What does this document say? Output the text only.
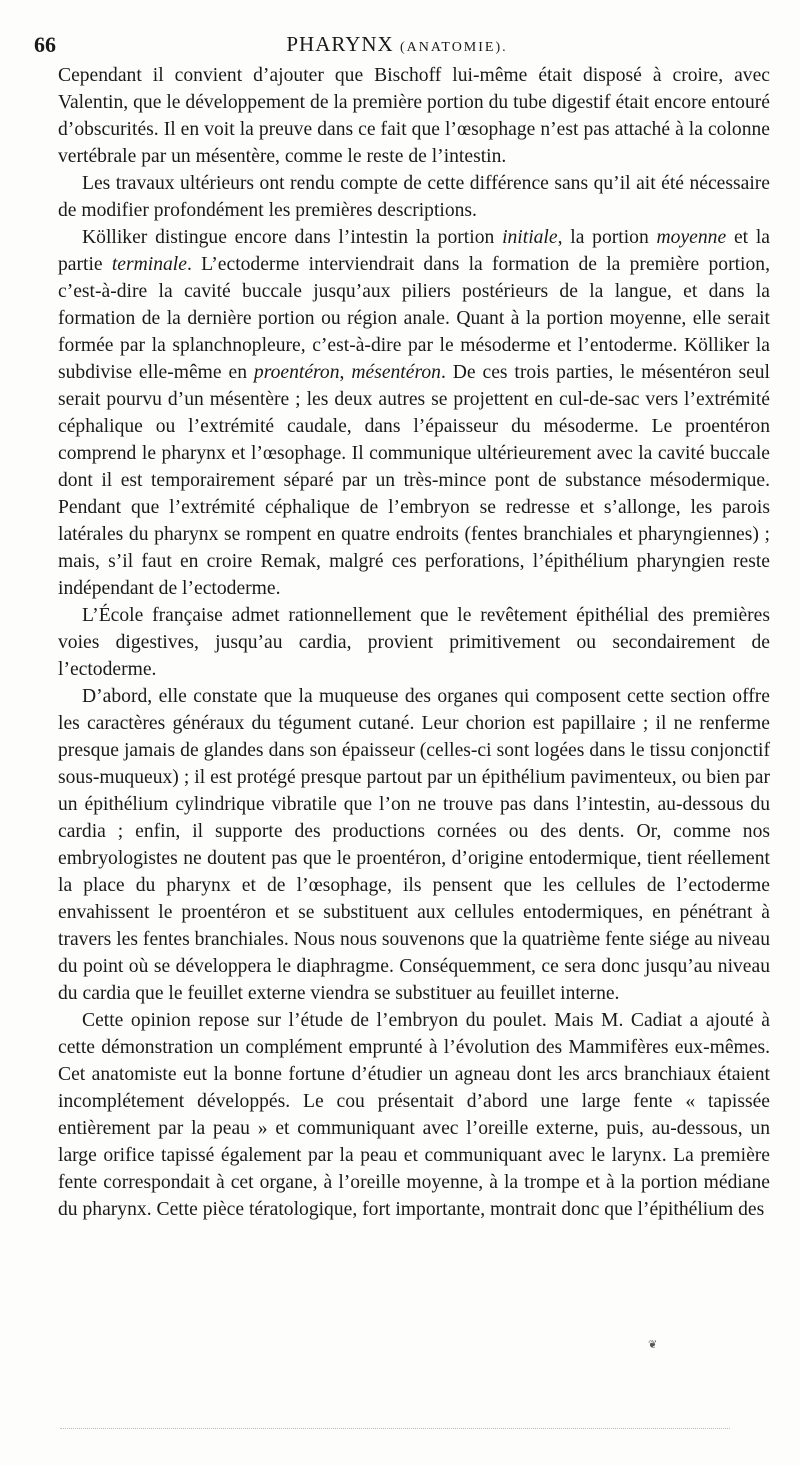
66	PHARYNX (ANATOMIE).

Cependant il convient d’ajouter que Bischoff lui-même était disposé à croire, avec Valentin, que le développement de la première portion du tube digestif était encore entouré d’obscurités. Il en voit la preuve dans ce fait que l’œsophage n’est pas attaché à la colonne vertébrale par un mésentère, comme le reste de l’intestin.

Les travaux ultérieurs ont rendu compte de cette différence sans qu’il ait été nécessaire de modifier profondément les premières descriptions.

Kölliker distingue encore dans l’intestin la portion initiale, la portion moyenne et la partie terminale. L’ectoderme interviendrait dans la formation de la première portion, c’est-à-dire la cavité buccale jusqu’aux piliers postérieurs de la langue, et dans la formation de la dernière portion ou région anale. Quant à la portion moyenne, elle serait formée par la splanchnopleure, c’est-à-dire par le mésoderme et l’entoderme. Kölliker la subdivise elle-même en proentéron, mésentéron. De ces trois parties, le mésentéron seul serait pourvu d’un mésentère ; les deux autres se projettent en cul-de-sac vers l’extrémité céphalique ou l’extrémité caudale, dans l’épaisseur du mésoderme. Le proentéron comprend le pharynx et l’œsophage. Il communique ultérieurement avec la cavité buccale dont il est temporairement séparé par un très-mince pont de substance mésodermique. Pendant que l’extrémité céphalique de l’embryon se redresse et s’allonge, les parois latérales du pharynx se rompent en quatre endroits (fentes branchiales et pharyngiennes) ; mais, s’il faut en croire Remak, malgré ces perforations, l’épithélium pharyngien reste indépendant de l’ectoderme.

L’École française admet rationnellement que le revêtement épithélial des premières voies digestives, jusqu’au cardia, provient primitivement ou secondairement de l’ectoderme.

D’abord, elle constate que la muqueuse des organes qui composent cette section offre les caractères généraux du tégument cutané. Leur chorion est papillaire ; il ne renferme presque jamais de glandes dans son épaisseur (celles-ci sont logées dans le tissu conjonctif sous-muqueux) ; il est protégé presque partout par un épithélium pavimenteux, ou bien par un épithélium cylindrique vibratile que l’on ne trouve pas dans l’intestin, au-dessous du cardia ; enfin, il supporte des productions cornées ou des dents. Or, comme nos embryologistes ne doutent pas que le proentéron, d’origine entodermique, tient réellement la place du pharynx et de l’œsophage, ils pensent que les cellules de l’ectoderme envahissent le proentéron et se substituent aux cellules entodermiques, en pénétrant à travers les fentes branchiales. Nous nous souvenons que la quatrième fente siége au niveau du point où se développera le diaphragme. Conséquemment, ce sera donc jusqu’au niveau du cardia que le feuillet externe viendra se substituer au feuillet interne.

Cette opinion repose sur l’étude de l’embryon du poulet. Mais M. Cadiat a ajouté à cette démonstration un complément emprunté à l’évolution des Mammifères eux-mêmes. Cet anatomiste eut la bonne fortune d’étudier un agneau dont les arcs branchiaux étaient incomplétement développés. Le cou présentait d’abord une large fente « tapissée entièrement par la peau » et communiquant avec l’oreille externe, puis, au-dessous, un large orifice tapissé également par la peau et communiquant avec le larynx. La première fente correspondait à cet organe, à l’oreille moyenne, à la trompe et à la portion médiane du pharynx. Cette pièce tératologique, fort importante, montrait donc que l’épithélium des

❦
